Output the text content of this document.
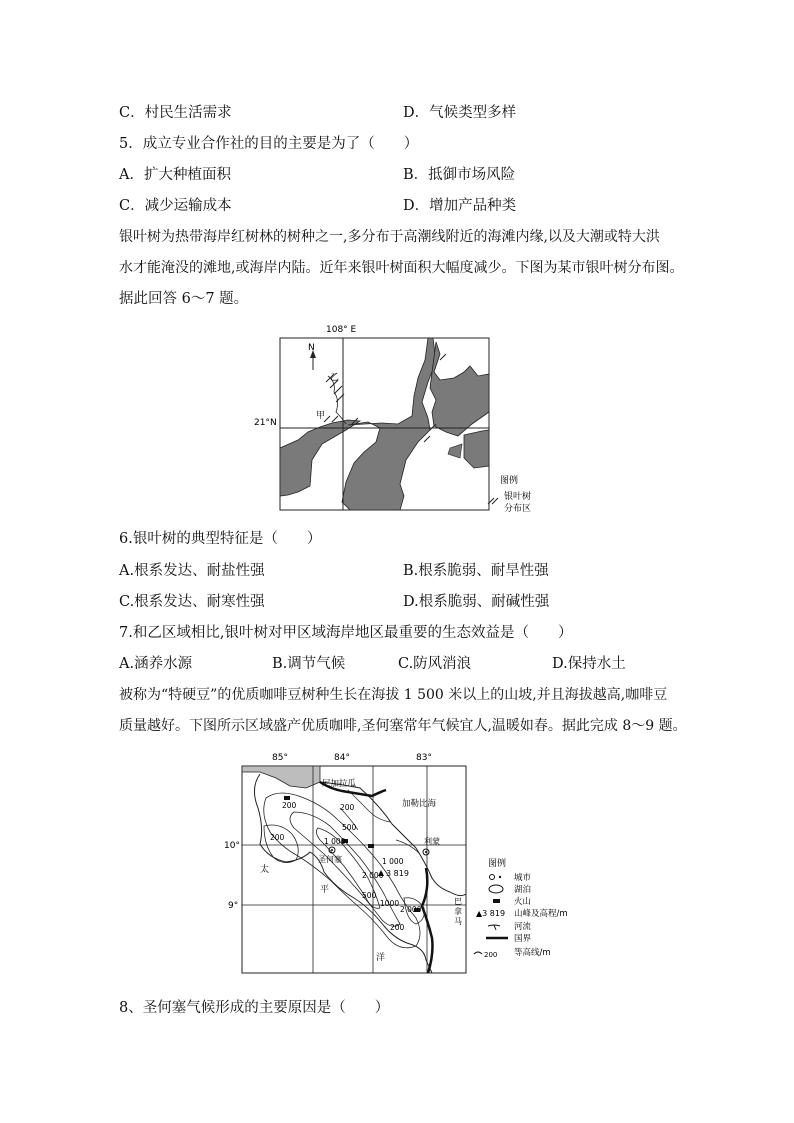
C．村民生活需求	D．气候类型多样
5．成立专业合作社的目的主要是为了（　　）
A．扩大种植面积	B．抵御市场风险
C．减少运输成本	D．增加产品种类
银叶树为热带海岸红树林的树种之一,多分布于高潮线附近的海滩内缘,以及大潮或特大洪
水才能淹没的滩地,或海岸内陆。近年来银叶树面积大幅度减少。下图为某市银叶树分布图。
据此回答 6～7 题。
N
108° E
21°N
乙
甲
北 部 湾
图例
银叶树
分布区
6.银叶树的典型特征是（　　）
A.根系发达、耐盐性强	B.根系脆弱、耐旱性强
C.根系发达、耐寒性强	D.根系脆弱、耐碱性强
7.和乙区域相比,银叶树对甲区域海岸地区最重要的生态效益是（　　）
A.涵养水源	B.调节气候	C.防风消浪	D.保持水土
被称为“特硬豆”的优质咖啡豆树种生长在海拔 1 500 米以上的山坡,并且海拔越高,咖啡豆
质量越好。下图所示区域盛产优质咖啡,圣何塞常年气候宜人,温暖如春。据此完成 8～9 题。
85°	84°	83°
10°
9°
尼加拉瓜
加勒比海
圣何塞
利蒙
巴
拿
马
太
平
洋
3 819
200
500
1 000
200
200
1 000
2 000
2 000
1000
500
200
图例
城市
湖泊
火山
▲3 819 山峰及高程/m
河流
国界
200 等高线/m
8、圣何塞气候形成的主要原因是（　　）
